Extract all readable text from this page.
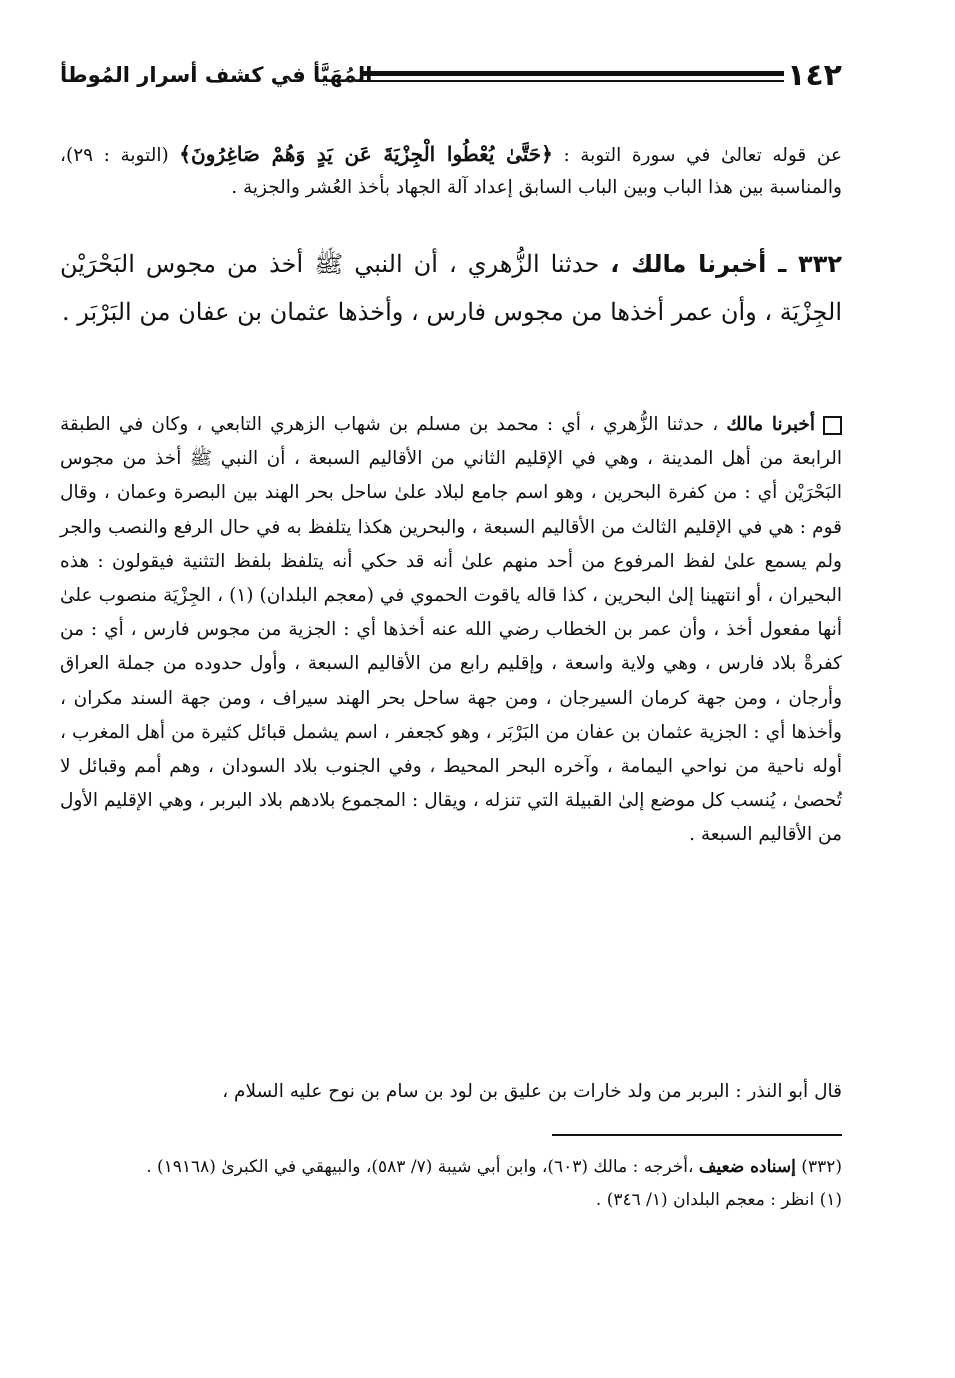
١٤٢
المُهَيَّأ في كشف أسرار المُوطأ

عن قوله تعالىٰ في سورة التوبة : ﴿حَتَّىٰ يُعْطُوا الْجِزْيَةَ عَن يَدٍ وَهُمْ صَاغِرُونَ﴾ (التوبة : ٢٩)، والمناسبة بين هذا الباب وبين الباب السابق إعداد آلة الجهاد بأخذ العُشر والجزية .

٣٣٢ ـ أخبرنا مالك ، حدثنا الزُّهري ، أن النبي ﷺ أخذ من مجوس البَحْرَيْن الجِزْيَة ، وأن عمر أخذها من مجوس فارس ، وأخذها عثمان بن عفان من البَرْبَر .

أخبرنا مالك ، حدثنا الزُّهري ، أي : محمد بن مسلم بن شهاب الزهري التابعي ، وكان في الطبقة الرابعة من أهل المدينة ، وهي في الإقليم الثاني من الأقاليم السبعة ، أن النبي ﷺ أخذ من مجوس البَحْرَيْن أي : من كفرة البحرين ، وهو اسم جامع لبلاد علىٰ ساحل بحر الهند بين البصرة وعمان ، وقال قوم : هي في الإقليم الثالث من الأقاليم السبعة ، والبحرين هكذا يتلفظ به في حال الرفع والنصب والجر ولم يسمع علىٰ لفظ المرفوع من أحد منهم علىٰ أنه قد حكي أنه يتلفظ بلفظ التثنية فيقولون : هذه البحيران ، أو انتهينا إلىٰ البحرين ، كذا قاله ياقوت الحموي في (معجم البلدان) (١) ، الجِزْيَة منصوب علىٰ أنها مفعول أخذ ، وأن عمر بن الخطاب رضي الله عنه أخذها أي : الجزية من مجوس فارس ، أي : من كفرةْ بلاد فارس ، وهي ولاية واسعة ، وإقليم رابع من الأقاليم السبعة ، وأول حدوده من جملة العراق وأرجان ، ومن جهة كرمان السيرجان ، ومن جهة ساحل بحر الهند سيراف ، ومن جهة السند مكران ، وأخذها أي : الجزية عثمان بن عفان من البَرْبَر ، وهو كجعفر ، اسم يشمل قبائل كثيرة من أهل المغرب ، أوله ناحية من نواحي اليمامة ، وآخره البحر المحيط ، وفي الجنوب بلاد السودان ، وهم أمم وقبائل لا تُحصىٰ ، يُنسب كل موضع إلىٰ القبيلة التي تنزله ، ويقال : المجموع بلادهم بلاد البربر ، وهي الإقليم الأول من الأقاليم السبعة .

قال أبو النذر : البربر من ولد خارات بن عليق بن لود بن سام بن نوح عليه السلام ،

(٣٣٢) إسناده ضعيف ،أخرجه : مالك (٦٠٣)، وابن أبي شيبة (٧/ ٥٨٣)، والبيهقي في الكبرىٰ (١٩١٦٨) .

(١) انظر : معجم البلدان (١/ ٣٤٦) .
